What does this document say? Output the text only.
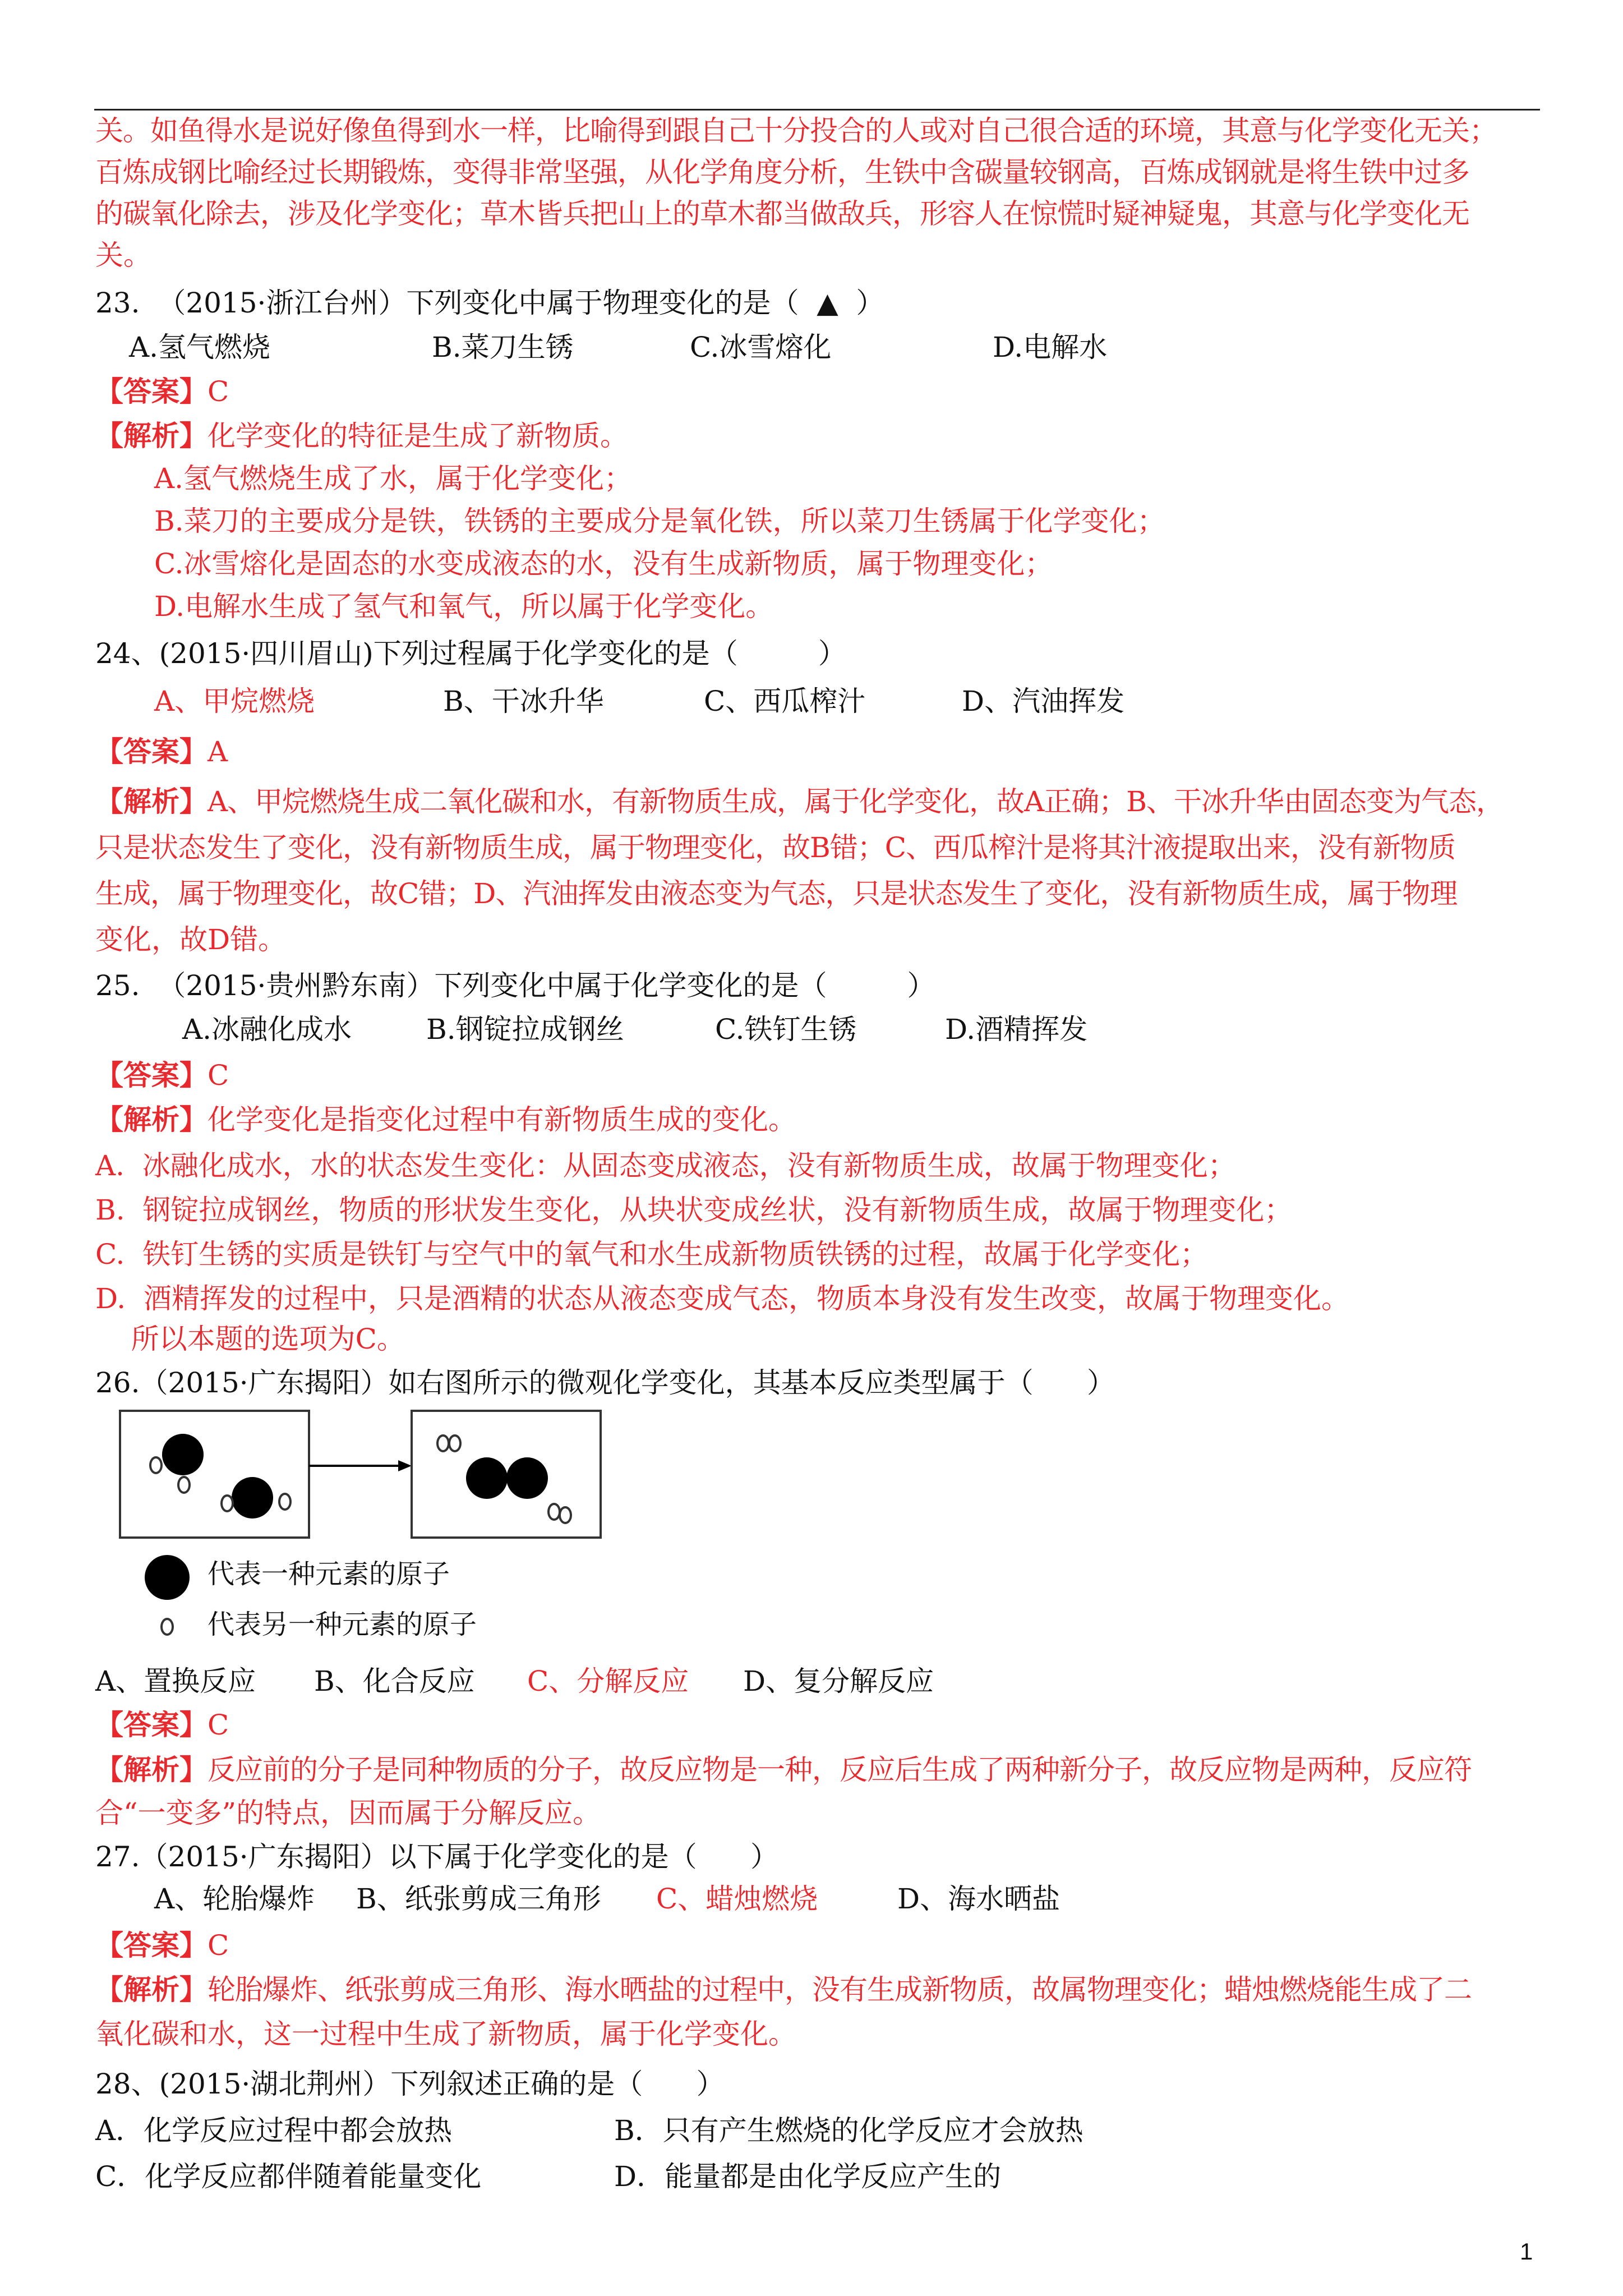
关。如鱼得水是说好像鱼得到水一样，比喻得到跟自己十分投合的人或对自己很合适的环境，其意与化学变化无关；
百炼成钢比喻经过长期锻炼，变得非常坚强，从化学角度分析，生铁中含碳量较钢高，百炼成钢就是将生铁中过多
的碳氧化除去，涉及化学变化；草木皆兵把山上的草木都当做敌兵，形容人在惊慌时疑神疑鬼，其意与化学变化无
关。
23.  （2015·浙江台州）下列变化中属于物理变化的是（  ▲  ）
A.氢气燃烧	B.菜刀生锈	C.冰雪熔化	D.电解水
【答案】C
【解析】化学变化的特征是生成了新物质。
A.氢气燃烧生成了水，属于化学变化；
B.菜刀的主要成分是铁，铁锈的主要成分是氧化铁，所以菜刀生锈属于化学变化；
C.冰雪熔化是固态的水变成液态的水，没有生成新物质，属于物理变化；
D.电解水生成了氢气和氧气，所以属于化学变化。
24、(2015·四川眉山)下列过程属于化学变化的是（         ）
A、甲烷燃烧	B、干冰升华	C、西瓜榨汁	D、汽油挥发
【答案】A
【解析】A、甲烷燃烧生成二氧化碳和水，有新物质生成，属于化学变化，故A正确；B、干冰升华由固态变为气态，
只是状态发生了变化，没有新物质生成，属于物理变化，故B错；C、西瓜榨汁是将其汁液提取出来，没有新物质
生成，属于物理变化，故C错；D、汽油挥发由液态变为气态，只是状态发生了变化，没有新物质生成，属于物理
变化，故D错。
25.  （2015·贵州黔东南）下列变化中属于化学变化的是（         ）
A.冰融化成水	B.钢锭拉成钢丝	C.铁钉生锈	D.酒精挥发
【答案】C
【解析】化学变化是指变化过程中有新物质生成的变化。
A.  冰融化成水，水的状态发生变化：从固态变成液态，没有新物质生成，故属于物理变化；
B.  钢锭拉成钢丝，物质的形状发生变化，从块状变成丝状，没有新物质生成，故属于物理变化；
C.  铁钉生锈的实质是铁钉与空气中的氧气和水生成新物质铁锈的过程，故属于化学变化；
D.  酒精挥发的过程中，只是酒精的状态从液态变成气态，物质本身没有发生改变，故属于物理变化。
所以本题的选项为C。
26.（2015·广东揭阳）如右图所示的微观化学变化，其基本反应类型属于（      ）
代表一种元素的原子
代表另一种元素的原子
A、置换反应 B、化合反应 C、分解反应 D、复分解反应
【答案】C
【解析】反应前的分子是同种物质的分子，故反应物是一种，反应后生成了两种新分子，故反应物是两种，反应符
合“一变多”的特点，因而属于分解反应。
27.（2015·广东揭阳）以下属于化学变化的是（      ）
A、轮胎爆炸 B、纸张剪成三角形 C、蜡烛燃烧	D、海水晒盐
【答案】C
【解析】轮胎爆炸、纸张剪成三角形、海水晒盐的过程中，没有生成新物质，故属物理变化；蜡烛燃烧能生成了二
氧化碳和水，这一过程中生成了新物质，属于化学变化。
28、(2015·湖北荆州）下列叙述正确的是（      ）
A．化学反应过程中都会放热	B．只有产生燃烧的化学反应才会放热
C．化学反应都伴随着能量变化	D．能量都是由化学反应产生的
1
